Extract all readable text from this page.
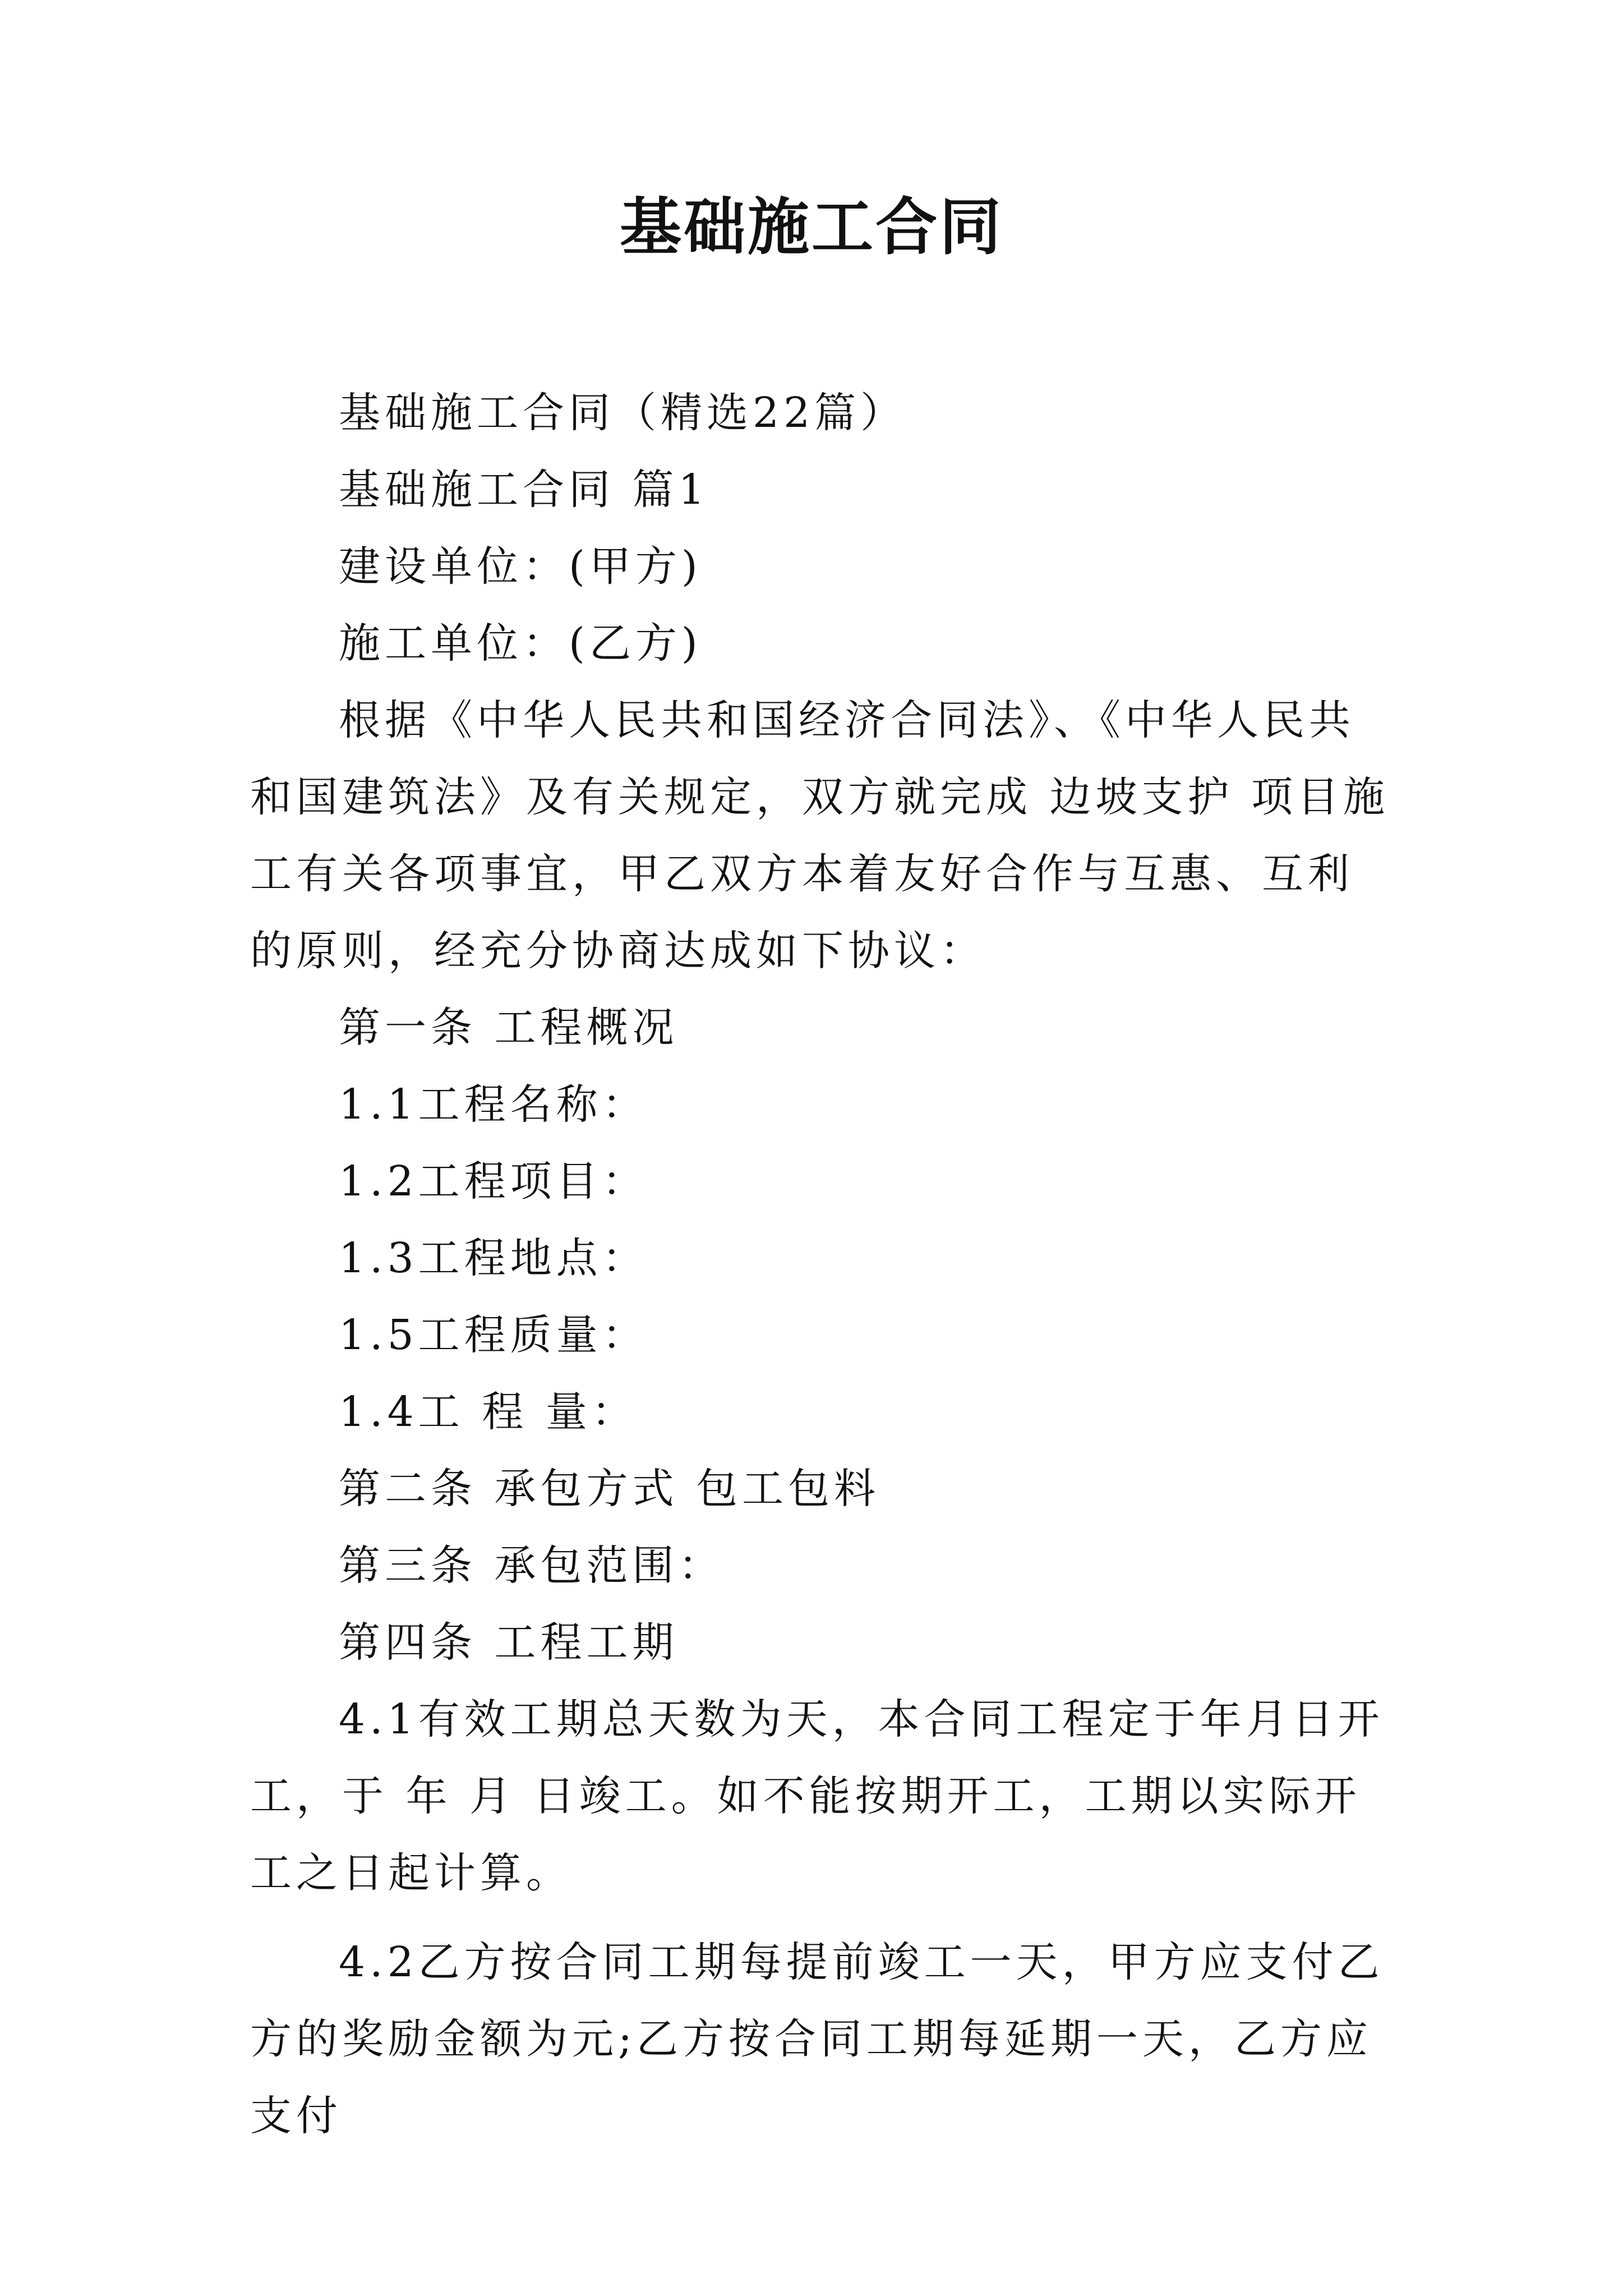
基础施工合同

基础施工合同（精选22篇）

基础施工合同 篇1

建设单位：(甲方)

施工单位：(乙方)

根据《中华人民共和国经济合同法》、《中华人民共和国建筑法》及有关规定，双方就完成 边坡支护 项目施工有关各项事宜，甲乙双方本着友好合作与互惠、互利的原则，经充分协商达成如下协议：

第一条 工程概况

1.1工程名称：

1.2工程项目：

1.3工程地点：

1.5工程质量：

1.4工 程 量：

第二条 承包方式 包工包料

第三条 承包范围：

第四条 工程工期

4.1有效工期总天数为天，本合同工程定于年月日开工，于 年 月 日竣工。如不能按期开工，工期以实际开工之日起计算。

4.2乙方按合同工期每提前竣工一天，甲方应支付乙方的奖励金额为元;乙方按合同工期每延期一天，乙方应支付
